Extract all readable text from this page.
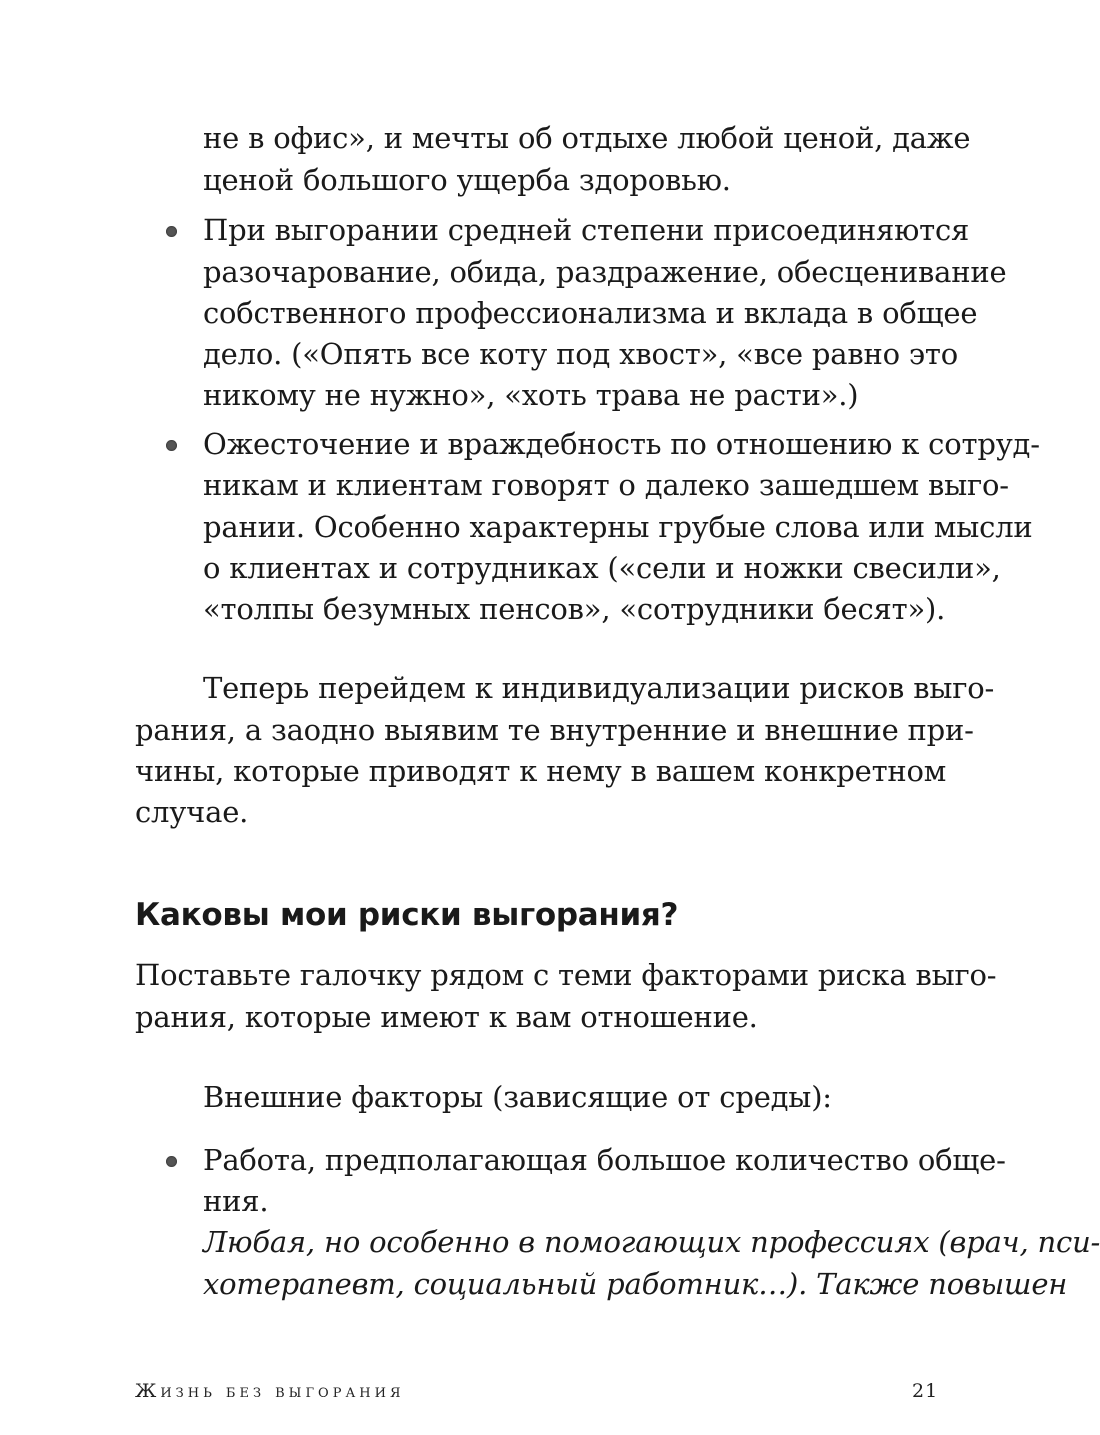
не в офис», и мечты об отдыхе любой ценой, даже
ценой большого ущерба здоровью.
При выгорании средней степени присоединяются
разочарование, обида, раздражение, обесценивание
собственного профессионализма и вклада в общее
дело. («Опять все коту под хвост», «все равно это
никому не нужно», «хоть трава не расти».)
Ожесточение и враждебность по отношению к сотруд-
никам и клиентам говорят о далеко зашедшем выго-
рании. Особенно характерны грубые слова или мысли
о клиентах и сотрудниках («сели и ножки свесили»,
«толпы безумных пенсов», «сотрудники бесят»).
Теперь перейдем к индивидуализации рисков выго-
рания, а заодно выявим те внутренние и внешние при-
чины, которые приводят к нему в вашем конкретном
случае.
Каковы мои риски выгорания?
Поставьте галочку рядом с теми факторами риска выго-
рания, которые имеют к вам отношение.
Внешние факторы (зависящие от среды):
Работа, предполагающая большое количество обще-
ния.
Любая, но особенно в помогающих профессиях (врач, пси-
хотерапевт, социальный работник…). Также повышен
Жизнь без выгорания	21
